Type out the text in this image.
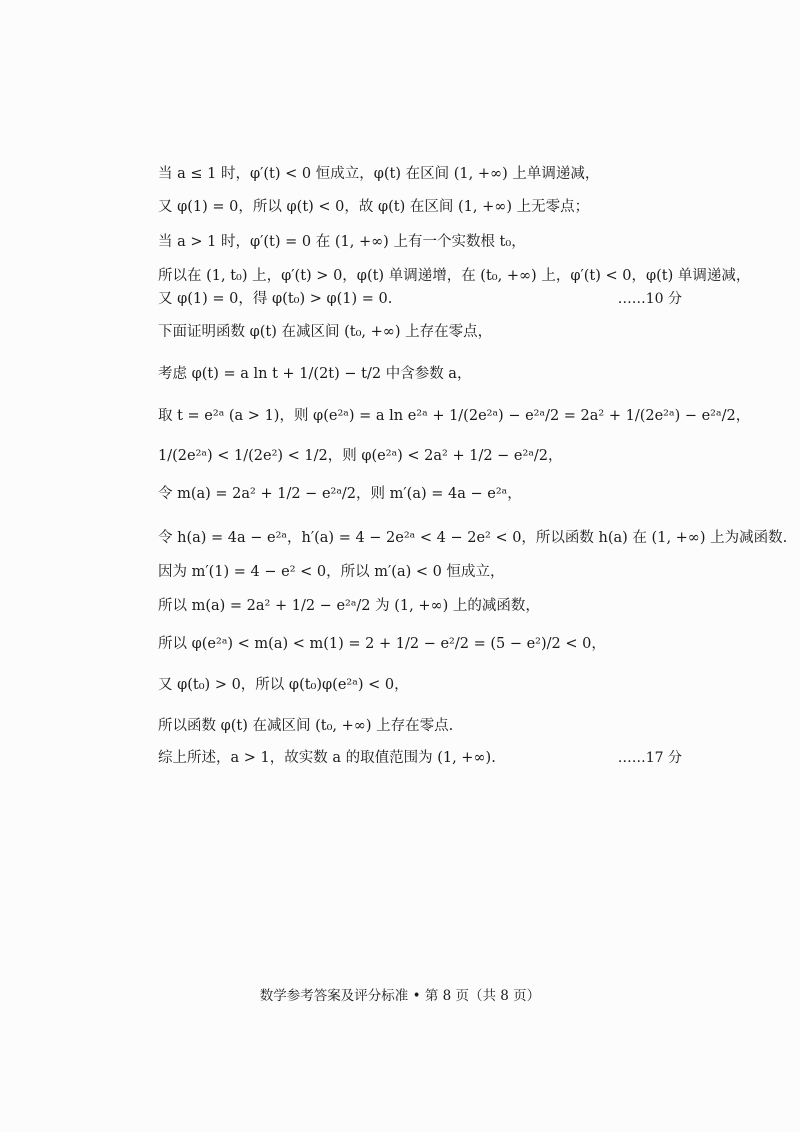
当 a ≤ 1 时，φ′(t) < 0 恒成立，φ(t) 在区间 (1, +∞) 上单调递减，
又 φ(1) = 0，所以 φ(t) < 0，故 φ(t) 在区间 (1, +∞) 上无零点；
当 a > 1 时，φ′(t) = 0 在 (1, +∞) 上有一个实数根 t₀，
所以在 (1, t₀) 上，φ′(t) > 0，φ(t) 单调递增，在 (t₀, +∞) 上，φ′(t) < 0，φ(t) 单调递减，
又 φ(1) = 0，得 φ(t₀) > φ(1) = 0.	……10 分
下面证明函数 φ(t) 在减区间 (t₀, +∞) 上存在零点，
考虑 φ(t) = a ln t + 1/(2t) − t/2 中含参数 a，
取 t = e²ᵃ (a > 1)，则 φ(e²ᵃ) = a ln e²ᵃ + 1/(2e²ᵃ) − e²ᵃ/2 = 2a² + 1/(2e²ᵃ) − e²ᵃ/2，
1/(2e²ᵃ) < 1/(2e²) < 1/2，则 φ(e²ᵃ) < 2a² + 1/2 − e²ᵃ/2，
令 m(a) = 2a² + 1/2 − e²ᵃ/2，则 m′(a) = 4a − e²ᵃ，
令 h(a) = 4a − e²ᵃ，h′(a) = 4 − 2e²ᵃ < 4 − 2e² < 0，所以函数 h(a) 在 (1, +∞) 上为减函数.
因为 m′(1) = 4 − e² < 0，所以 m′(a) < 0 恒成立，
所以 m(a) = 2a² + 1/2 − e²ᵃ/2 为 (1, +∞) 上的减函数，
所以 φ(e²ᵃ) < m(a) < m(1) = 2 + 1/2 − e²/2 = (5 − e²)/2 < 0，
又 φ(t₀) > 0，所以 φ(t₀)φ(e²ᵃ) < 0，
所以函数 φ(t) 在减区间 (t₀, +∞) 上存在零点.
综上所述，a > 1，故实数 a 的取值范围为 (1, +∞).	……17 分
数学参考答案及评分标准 • 第 8 页（共 8 页）
